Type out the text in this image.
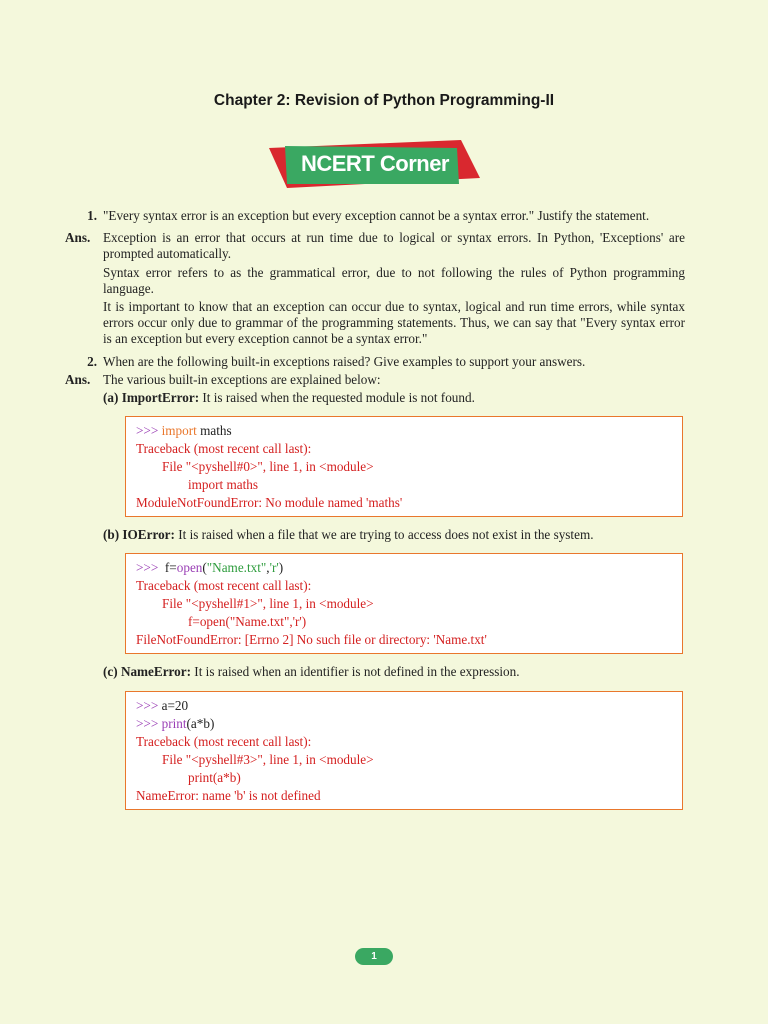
Chapter 2: Revision of Python Programming-II
NCERT Corner
1. "Every syntax error is an exception but every exception cannot be a syntax error." Justify the statement.

Ans. Exception is an error that occurs at run time due to logical or syntax errors. In Python, 'Exceptions' are prompted automatically.

Syntax error refers to as the grammatical error, due to not following the rules of Python programming language.

It is important to know that an exception can occur due to syntax, logical and run time errors, while syntax errors occur only due to grammar of the programming statements. Thus, we can say that "Every syntax error is an exception but every exception cannot be a syntax error."

2. When are the following built-in exceptions raised? Give examples to support your answers.

Ans. The various built-in exceptions are explained below:

(a) ImportError: It is raised when the requested module is not found.

>>> import maths
Traceback (most recent call last):
File "<pyshell#0>", line 1, in <module>
import maths
ModuleNotFoundError: No module named 'maths'

(b) IOError: It is raised when a file that we are trying to access does not exist in the system.

>>>  f=open("Name.txt",'r')
Traceback (most recent call last):
File "<pyshell#1>", line 1, in <module>
f=open("Name.txt",'r')
FileNotFoundError: [Errno 2] No such file or directory: 'Name.txt'

(c) NameError: It is raised when an identifier is not defined in the expression.

>>> a=20
>>> print(a*b)
Traceback (most recent call last):
File "<pyshell#3>", line 1, in <module>
print(a*b)
NameError: name 'b' is not defined
1
